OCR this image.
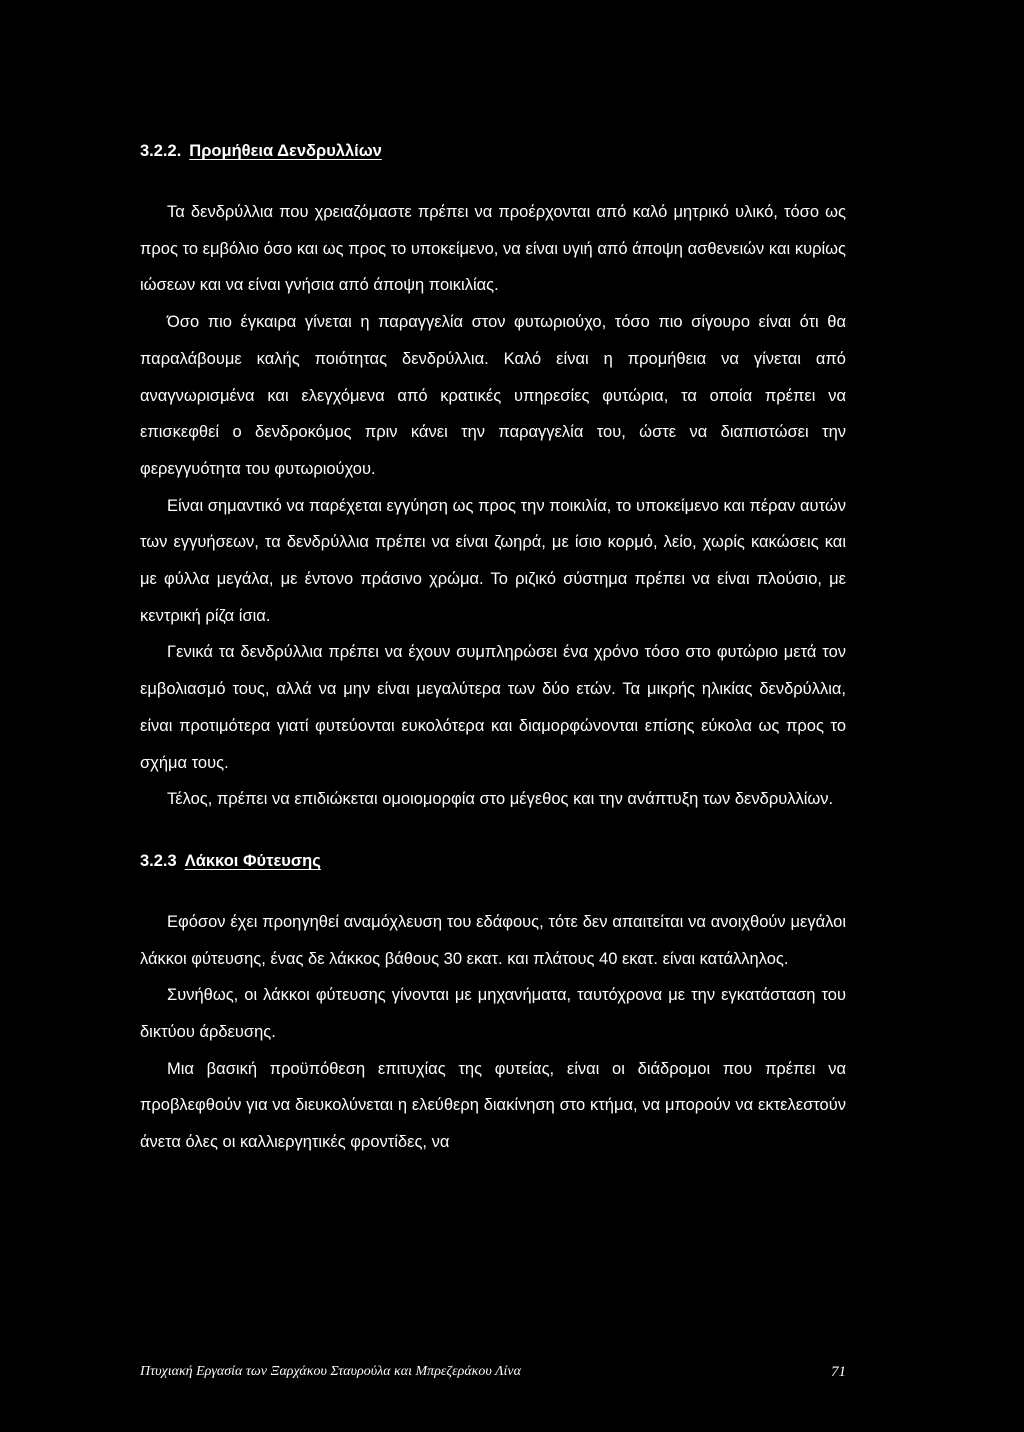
3.2.2. Προμήθεια Δενδρυλλίων

Τα δενδρύλλια που χρειαζόμαστε πρέπει να προέρχονται από καλό μητρικό υλικό, τόσο ως προς το εμβόλιο όσο και ως προς το υποκείμενο, να είναι υγιή από άποψη ασθενειών και κυρίως ιώσεων και να είναι γνήσια από άποψη ποικιλίας.

Όσο πιο έγκαιρα γίνεται η παραγγελία στον φυτωριούχο, τόσο πιο σίγουρο είναι ότι θα παραλάβουμε καλής ποιότητας δενδρύλλια. Καλό είναι η προμήθεια να γίνεται από αναγνωρισμένα και ελεγχόμενα από κρατικές υπηρεσίες φυτώρια, τα οποία πρέπει να επισκεφθεί ο δενδροκόμος πριν κάνει την παραγγελία του, ώστε να διαπιστώσει την φερεγγυότητα του φυτωριούχου.

Είναι σημαντικό να παρέχεται εγγύηση ως προς την ποικιλία, το υποκείμενο και πέραν αυτών των εγγυήσεων, τα δενδρύλλια πρέπει να είναι ζωηρά, με ίσιο κορμό, λείο, χωρίς κακώσεις και με φύλλα μεγάλα, με έντονο πράσινο χρώμα. Το ριζικό σύστημα πρέπει να είναι πλούσιο, με κεντρική ρίζα ίσια.

Γενικά τα δενδρύλλια πρέπει να έχουν συμπληρώσει ένα χρόνο τόσο στο φυτώριο μετά τον εμβολιασμό τους, αλλά να μην είναι μεγαλύτερα των δύο ετών. Τα μικρής ηλικίας δενδρύλλια, είναι προτιμότερα γιατί φυτεύονται ευκολότερα και διαμορφώνονται επίσης εύκολα ως προς το σχήμα τους.

Τέλος, πρέπει να επιδιώκεται ομοιομορφία στο μέγεθος και την ανάπτυξη των δενδρυλλίων.

3.2.3 Λάκκοι Φύτευσης

Εφόσον έχει προηγηθεί αναμόχλευση του εδάφους, τότε δεν απαιτείται να ανοιχθούν μεγάλοι λάκκοι φύτευσης, ένας δε λάκκος βάθους 30 εκατ. και πλάτους 40 εκατ. είναι κατάλληλος.

Συνήθως, οι λάκκοι φύτευσης γίνονται με μηχανήματα, ταυτόχρονα με την εγκατάσταση του δικτύου άρδευσης.

Μια βασική προϋπόθεση επιτυχίας της φυτείας, είναι οι διάδρομοι που πρέπει να προβλεφθούν για να διευκολύνεται η ελεύθερη διακίνηση στο κτήμα, να μπορούν να εκτελεστούν άνετα όλες οι καλλιεργητικές φροντίδες, να

Πτυχιακή Εργασία των Ξαρχάκου Σταυρούλα και Μπρεζεράκου Λίνα	71
